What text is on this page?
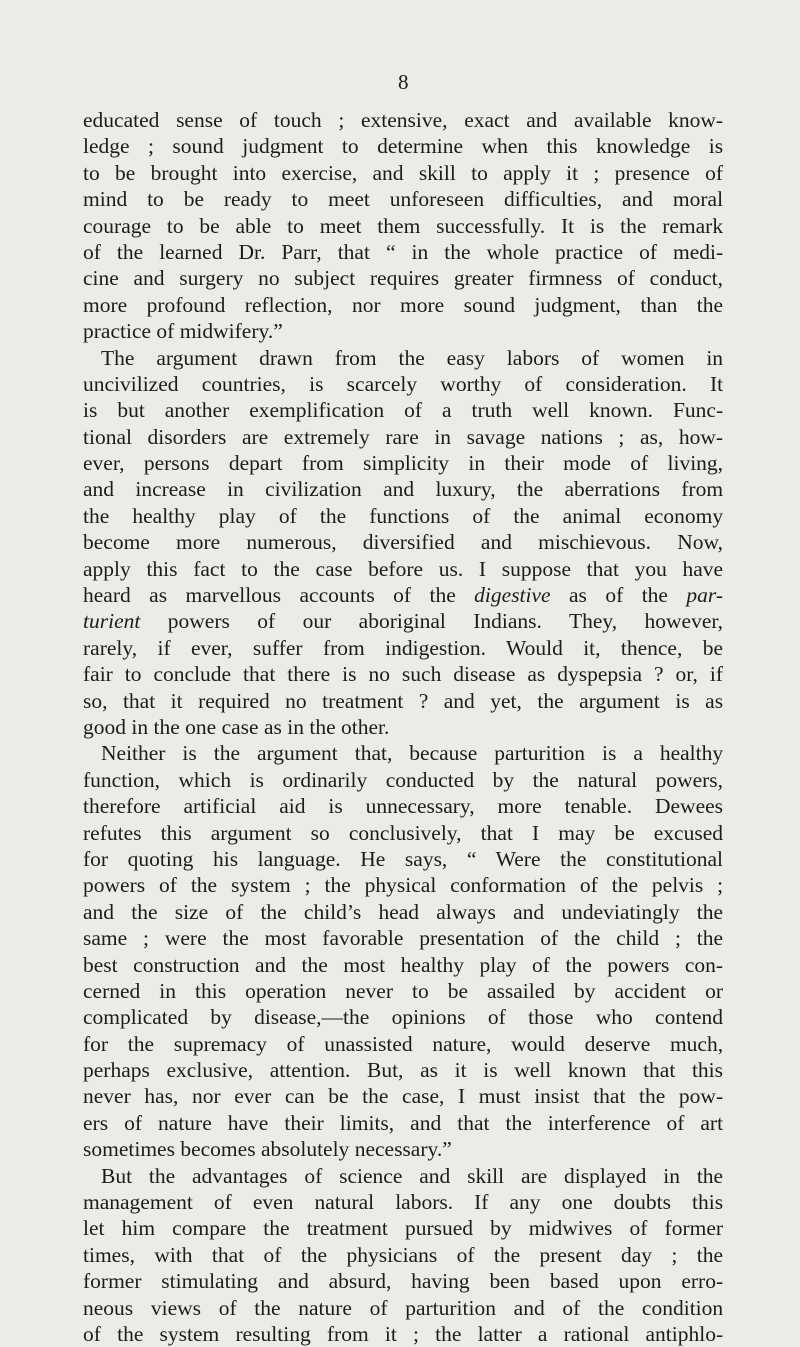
8
educated sense of touch ; extensive, exact and available know-
ledge ; sound judgment to determine when this knowledge is
to be brought into exercise, and skill to apply it ; presence of
mind to be ready to meet unforeseen difficulties, and moral
courage to be able to meet them successfully. It is the remark
of the learned Dr. Parr, that “ in the whole practice of medi-
cine and surgery no subject requires greater firmness of conduct,
more profound reflection, nor more sound judgment, than the
practice of midwifery.”
The argument drawn from the easy labors of women in
uncivilized countries, is scarcely worthy of consideration. It
is but another exemplification of a truth well known. Func-
tional disorders are extremely rare in savage nations ; as, how-
ever, persons depart from simplicity in their mode of living,
and increase in civilization and luxury, the aberrations from
the healthy play of the functions of the animal economy
become more numerous, diversified and mischievous. Now,
apply this fact to the case before us. I suppose that you have
heard as marvellous accounts of the digestive as of the par-
turient powers of our aboriginal Indians. They, however,
rarely, if ever, suffer from indigestion. Would it, thence, be
fair to conclude that there is no such disease as dyspepsia ? or, if
so, that it required no treatment ? and yet, the argument is as
good in the one case as in the other.
Neither is the argument that, because parturition is a healthy
function, which is ordinarily conducted by the natural powers,
therefore artificial aid is unnecessary, more tenable. Dewees
refutes this argument so conclusively, that I may be excused
for quoting his language. He says, “ Were the constitutional
powers of the system ; the physical conformation of the pelvis ;
and the size of the child’s head always and undeviatingly the
same ; were the most favorable presentation of the child ; the
best construction and the most healthy play of the powers con-
cerned in this operation never to be assailed by accident or
complicated by disease,—the opinions of those who contend
for the supremacy of unassisted nature, would deserve much,
perhaps exclusive, attention. But, as it is well known that this
never has, nor ever can be the case, I must insist that the pow-
ers of nature have their limits, and that the interference of art
sometimes becomes absolutely necessary.”
But the advantages of science and skill are displayed in the
management of even natural labors. If any one doubts this
let him compare the treatment pursued by midwives of former
times, with that of the physicians of the present day ; the
former stimulating and absurd, having been based upon erro-
neous views of the nature of parturition and of the condition
of the system resulting from it ; the latter a rational antiphlo-
